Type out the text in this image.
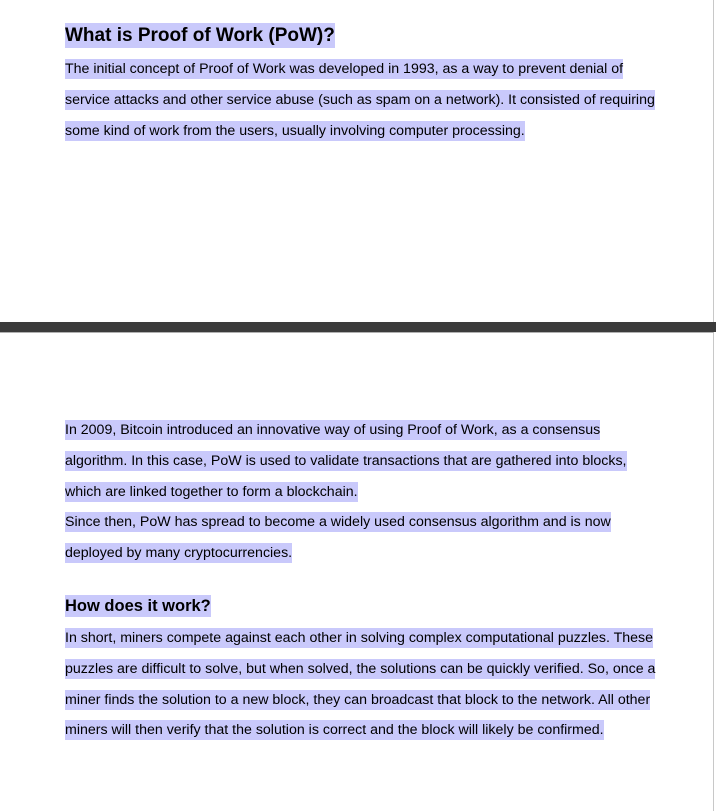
What is Proof of Work (PoW)?

The initial concept of Proof of Work was developed in 1993, as a way to prevent denial of service attacks and other service abuse (such as spam on a network). It consisted of requiring some kind of work from the users, usually involving computer processing.

In 2009, Bitcoin introduced an innovative way of using Proof of Work, as a consensus algorithm. In this case, PoW is used to validate transactions that are gathered into blocks, which are linked together to form a blockchain.

Since then, PoW has spread to become a widely used consensus algorithm and is now deployed by many cryptocurrencies.

How does it work?

In short, miners compete against each other in solving complex computational puzzles. These puzzles are difficult to solve, but when solved, the solutions can be quickly verified. So, once a miner finds the solution to a new block, they can broadcast that block to the network. All other miners will then verify that the solution is correct and the block will likely be confirmed.
